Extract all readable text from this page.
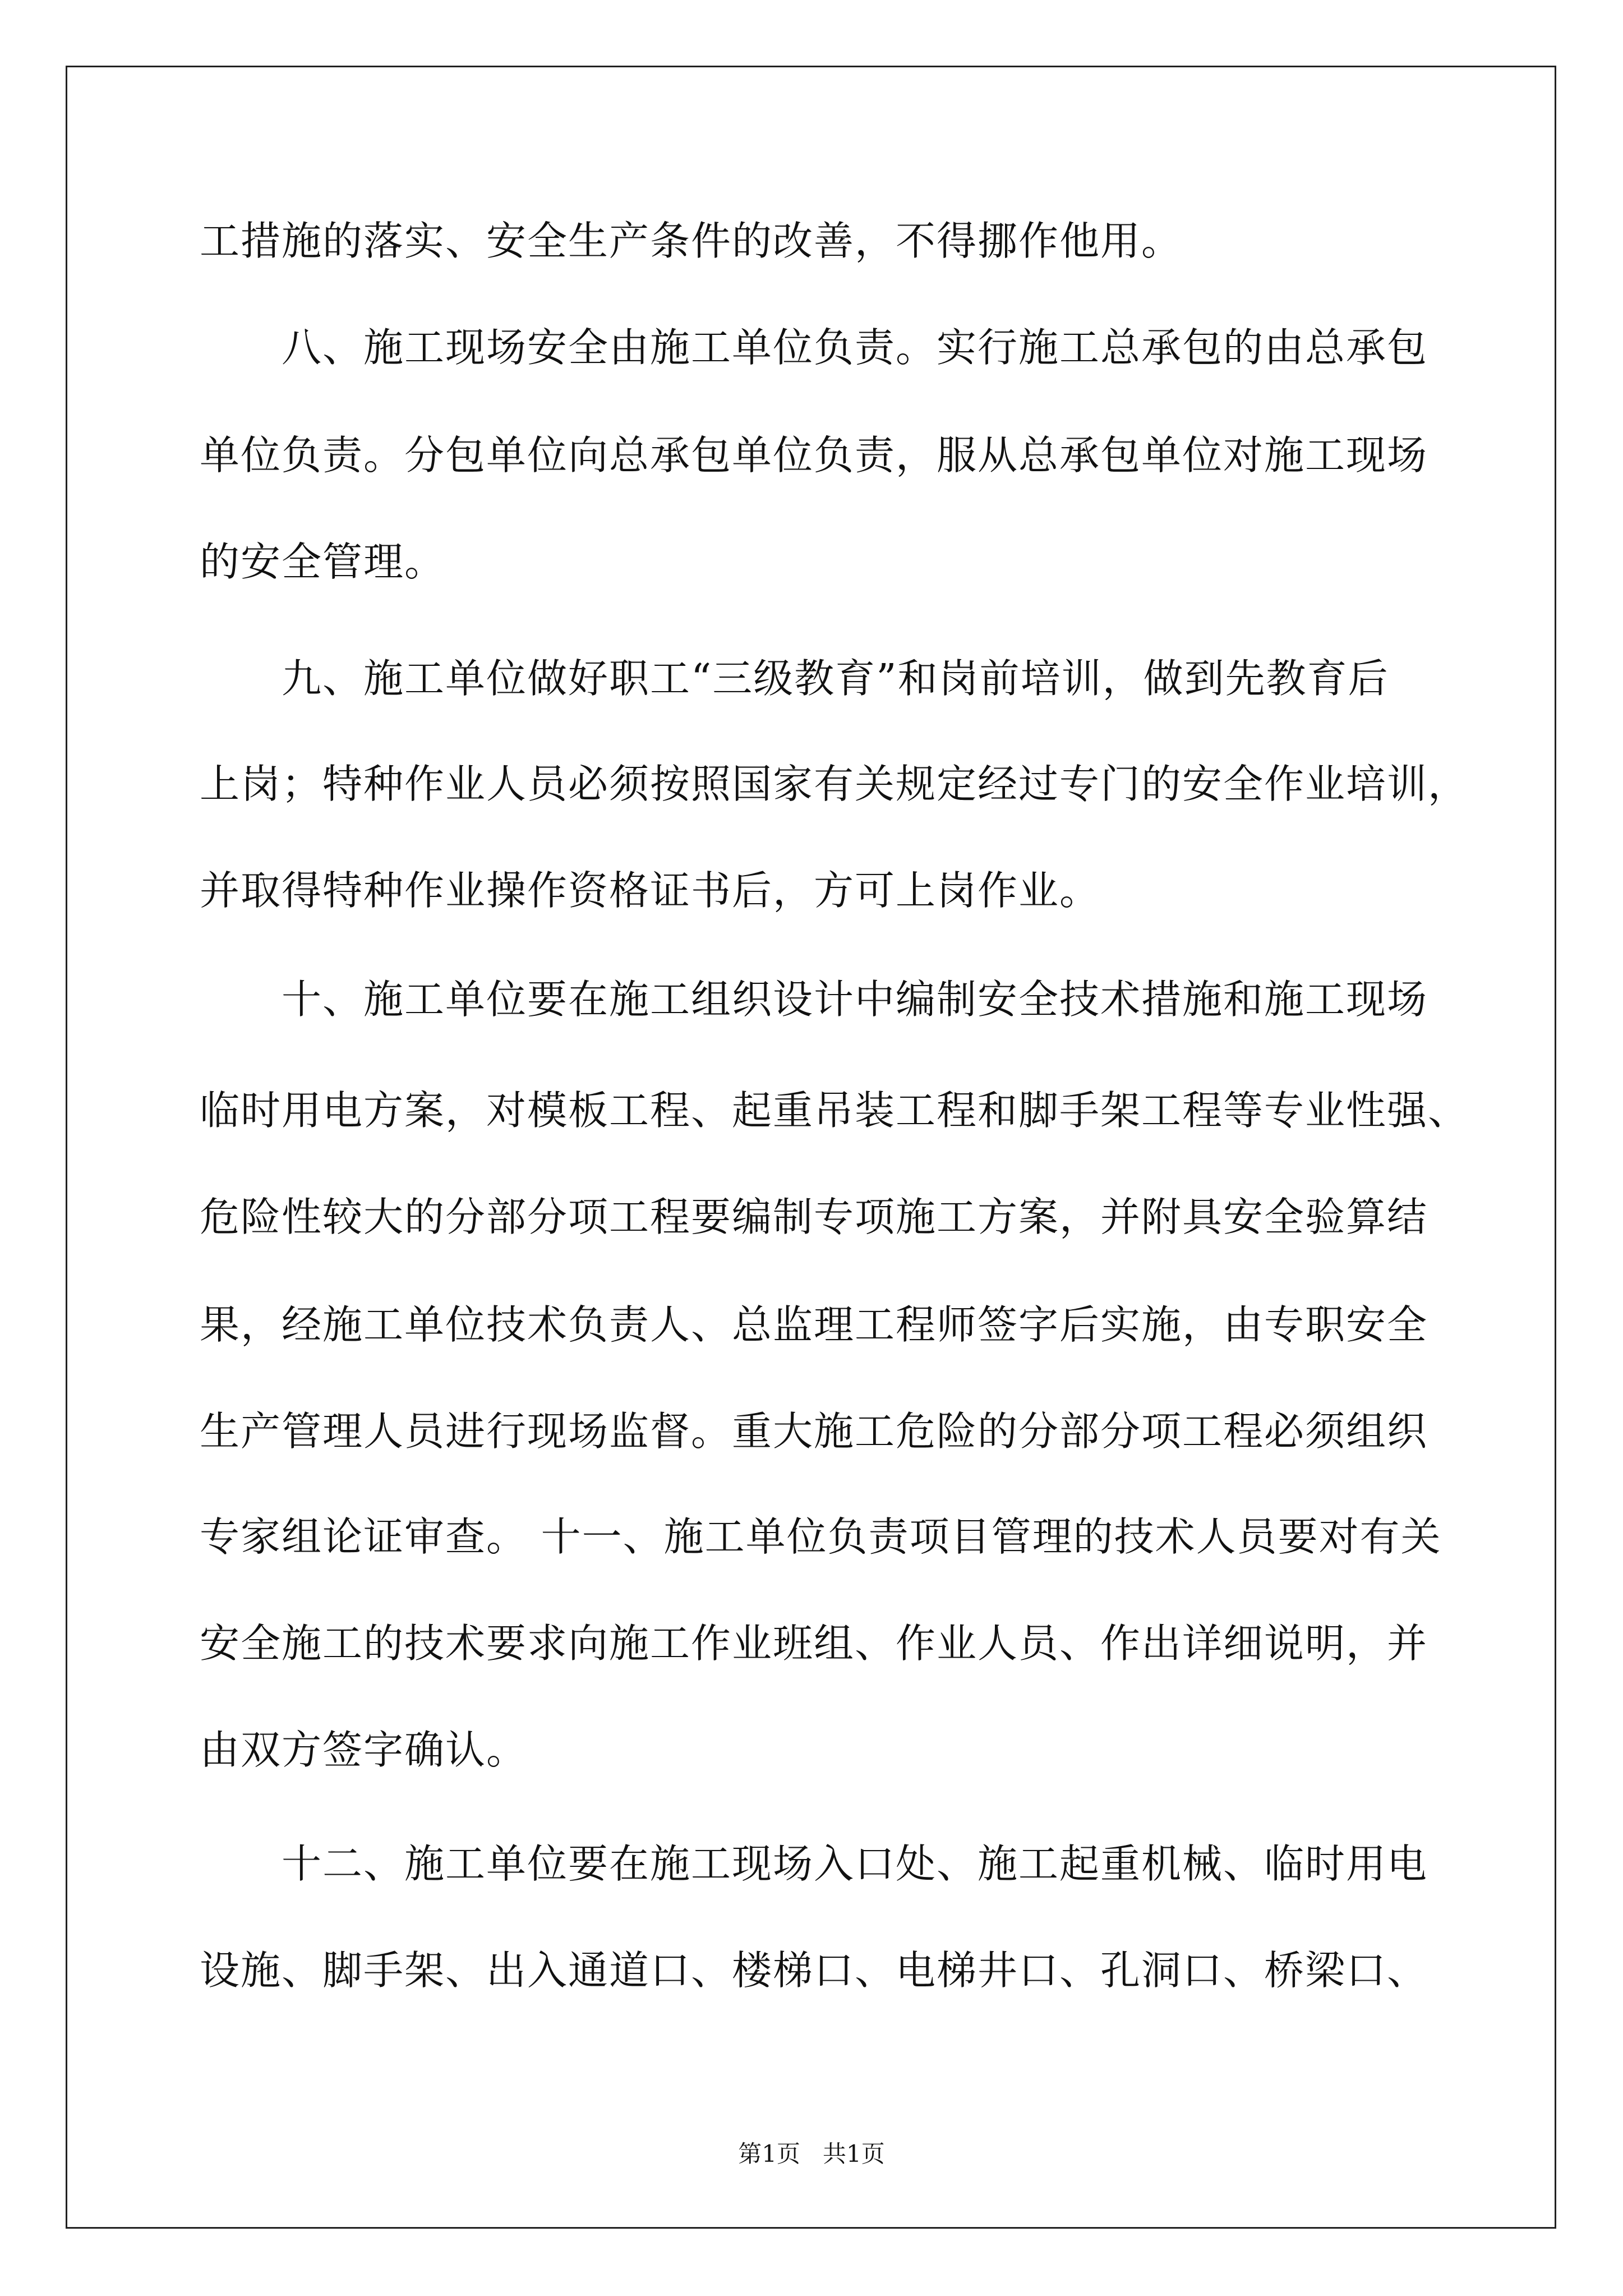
工措施的落实、安全生产条件的改善，不得挪作他用。
　　八、施工现场安全由施工单位负责。实行施工总承包的由总承包
单位负责。分包单位向总承包单位负责，服从总承包单位对施工现场
的安全管理。
　　九、施工单位做好职工“三级教育”和岗前培训，做到先教育后
上岗；特种作业人员必须按照国家有关规定经过专门的安全作业培训，
并取得特种作业操作资格证书后，方可上岗作业。
　　十、施工单位要在施工组织设计中编制安全技术措施和施工现场
临时用电方案，对模板工程、起重吊装工程和脚手架工程等专业性强、
危险性较大的分部分项工程要编制专项施工方案，并附具安全验算结
果，经施工单位技术负责人、总监理工程师签字后实施，由专职安全
生产管理人员进行现场监督。重大施工危险的分部分项工程必须组织
专家组论证审查。 十一、施工单位负责项目管理的技术人员要对有关
安全施工的技术要求向施工作业班组、作业人员、作出详细说明，并
由双方签字确认。
　　十二、施工单位要在施工现场入口处、施工起重机械、临时用电
设施、脚手架、出入通道口、楼梯口、电梯井口、孔洞口、桥梁口、
第1页 共1页
